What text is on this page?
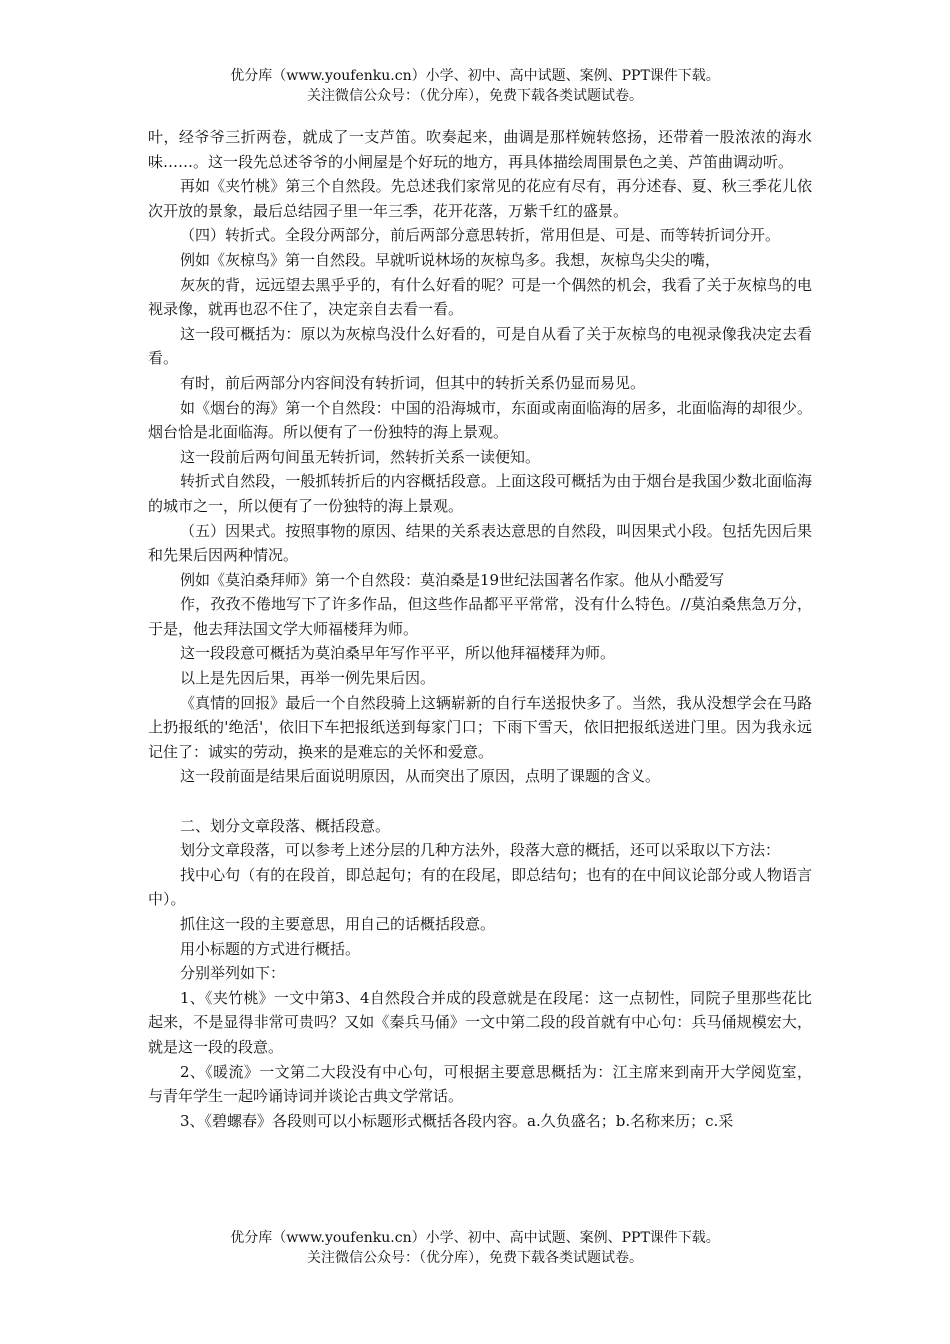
优分库（www.youfenku.cn）小学、初中、高中试题、案例、PPT课件下载。
关注微信公众号：（优分库），免费下载各类试题试卷。

叶，经爷爷三折两卷，就成了一支芦笛。吹奏起来，曲调是那样婉转悠扬，还带着一股浓浓的海水味……。这一段先总述爷爷的小闸屋是个好玩的地方，再具体描绘周围景色之美、芦笛曲调动听。

再如《夹竹桃》第三个自然段。先总述我们家常见的花应有尽有，再分述春、夏、秋三季花儿依次开放的景象，最后总结园子里一年三季，花开花落，万紫千红的盛景。

（四）转折式。全段分两部分，前后两部分意思转折，常用但是、可是、而等转折词分开。

例如《灰椋鸟》第一自然段。早就听说林场的灰椋鸟多。我想，灰椋鸟尖尖的嘴，

灰灰的背，远远望去黑乎乎的，有什么好看的呢？可是一个偶然的机会，我看了关于灰椋鸟的电视录像，就再也忍不住了，决定亲自去看一看。

这一段可概括为：原以为灰椋鸟没什么好看的，可是自从看了关于灰椋鸟的电视录像我决定去看看。

有时，前后两部分内容间没有转折词，但其中的转折关系仍显而易见。

如《烟台的海》第一个自然段：中国的沿海城市，东面或南面临海的居多，北面临海的却很少。烟台恰是北面临海。所以便有了一份独特的海上景观。

这一段前后两句间虽无转折词，然转折关系一读便知。

转折式自然段，一般抓转折后的内容概括段意。上面这段可概括为由于烟台是我国少数北面临海的城市之一，所以便有了一份独特的海上景观。

（五）因果式。按照事物的原因、结果的关系表达意思的自然段，叫因果式小段。包括先因后果和先果后因两种情况。

例如《莫泊桑拜师》第一个自然段：莫泊桑是19世纪法国著名作家。他从小酷爱写

作，孜孜不倦地写下了许多作品，但这些作品都平平常常，没有什么特色。//莫泊桑焦急万分，于是，他去拜法国文学大师福楼拜为师。

这一段段意可概括为莫泊桑早年写作平平，所以他拜福楼拜为师。

以上是先因后果，再举一例先果后因。

《真情的回报》最后一个自然段骑上这辆崭新的自行车送报快多了。当然，我从没想学会在马路上扔报纸的'绝活'，依旧下车把报纸送到每家门口；下雨下雪天，依旧把报纸送进门里。因为我永远记住了：诚实的劳动，换来的是难忘的关怀和爱意。

这一段前面是结果后面说明原因，从而突出了原因，点明了课题的含义。

二、划分文章段落、概括段意。

划分文章段落，可以参考上述分层的几种方法外，段落大意的概括，还可以采取以下方法：

找中心句（有的在段首，即总起句；有的在段尾，即总结句；也有的在中间议论部分或人物语言中）。

抓住这一段的主要意思，用自己的话概括段意。

用小标题的方式进行概括。

分别举列如下：

1、《夹竹桃》一文中第3、4自然段合并成的段意就是在段尾：这一点韧性，同院子里那些花比起来，不是显得非常可贵吗？又如《秦兵马俑》一文中第二段的段首就有中心句：兵马俑规模宏大，就是这一段的段意。

2、《暖流》一文第二大段没有中心句，可根据主要意思概括为：江主席来到南开大学阅览室，与青年学生一起吟诵诗词并谈论古典文学常话。

3、《碧螺春》各段则可以小标题形式概括各段内容。a.久负盛名；b.名称来历；c.采

优分库（www.youfenku.cn）小学、初中、高中试题、案例、PPT课件下载。
关注微信公众号：（优分库），免费下载各类试题试卷。
